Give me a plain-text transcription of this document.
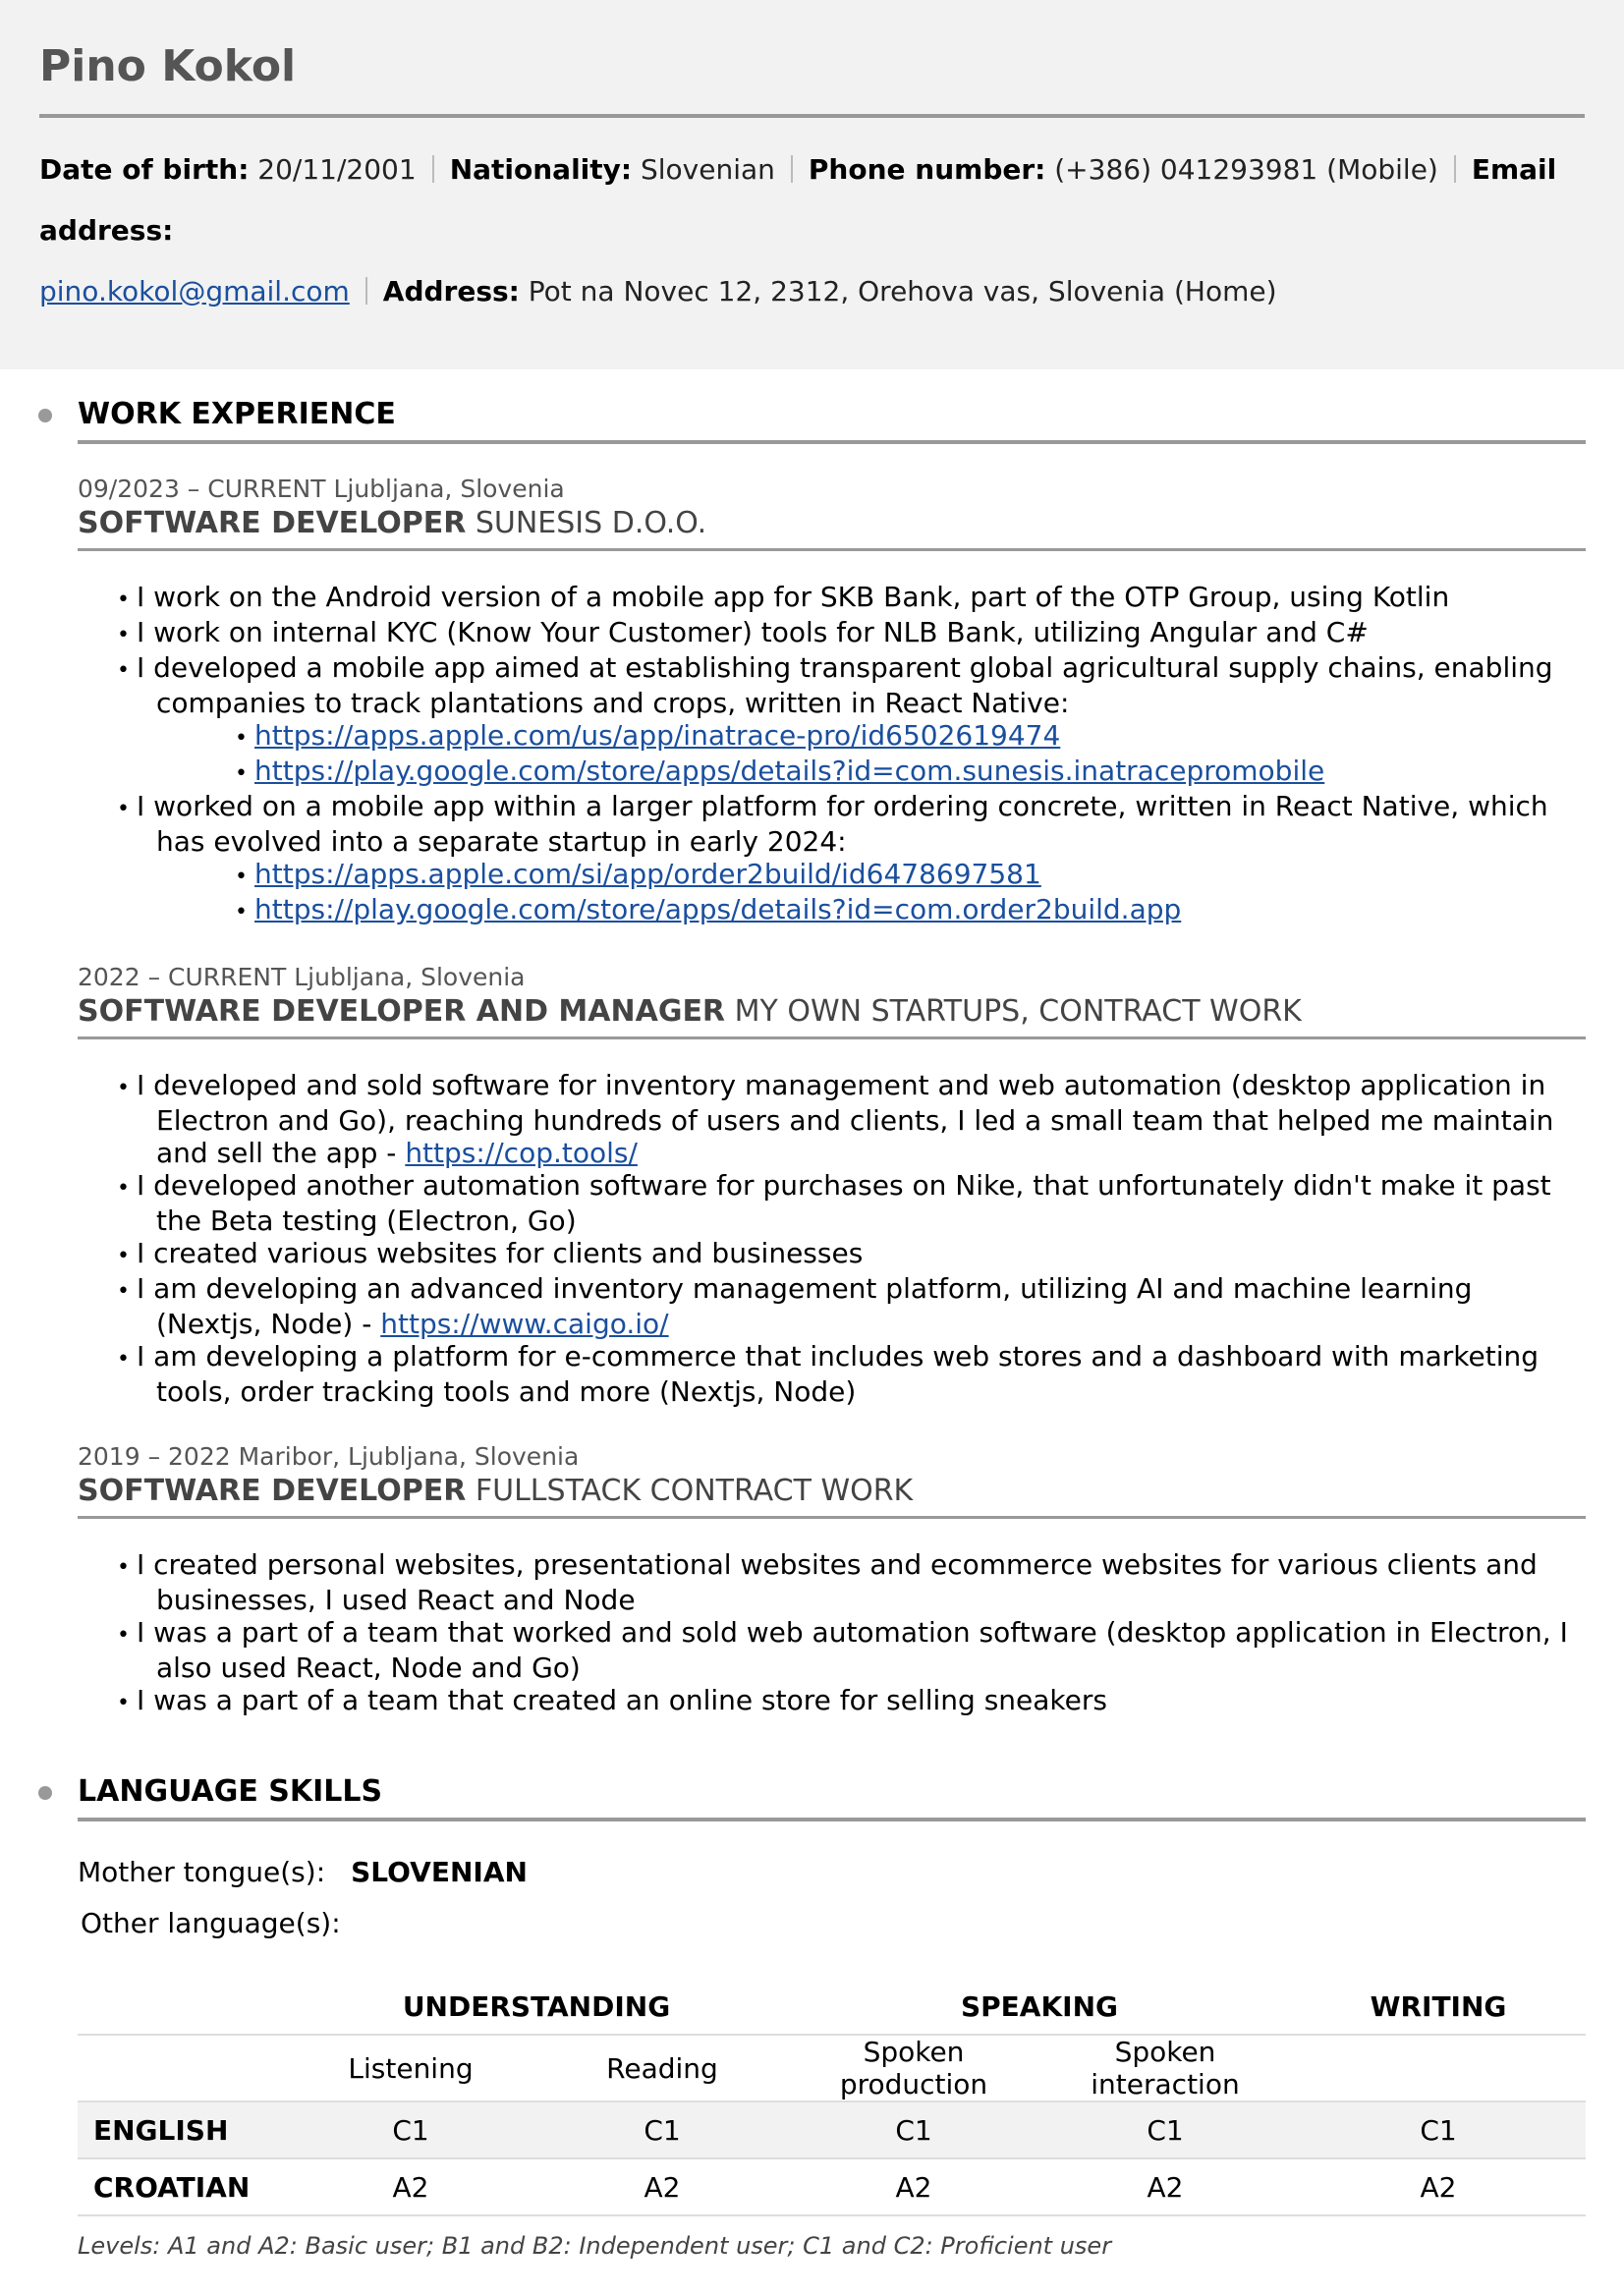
Pino Kokol
Date of birth: 20/11/2001 Nationality: Slovenian Phone number: (+386) 041293981 (Mobile) Email address:
pino.kokol@gmail.com Address: Pot na Novec 12, 2312, Orehova vas, Slovenia (Home)
WORK EXPERIENCE
09/2023 – CURRENT Ljubljana, Slovenia
SOFTWARE DEVELOPER SUNESIS D.O.O.
• I work on the Android version of a mobile app for SKB Bank, part of the OTP Group, using Kotlin
• I work on internal KYC (Know Your Customer) tools for NLB Bank, utilizing Angular and C#
• I developed a mobile app aimed at establishing transparent global agricultural supply chains, enabling companies to track plantations and crops, written in React Native:
• https://apps.apple.com/us/app/inatrace-pro/id6502619474
• https://play.google.com/store/apps/details?id=com.sunesis.inatracepromobile
• I worked on a mobile app within a larger platform for ordering concrete, written in React Native, which has evolved into a separate startup in early 2024:
• https://apps.apple.com/si/app/order2build/id6478697581
• https://play.google.com/store/apps/details?id=com.order2build.app
2022 – CURRENT Ljubljana, Slovenia
SOFTWARE DEVELOPER AND MANAGER MY OWN STARTUPS, CONTRACT WORK
• I developed and sold software for inventory management and web automation (desktop application in Electron and Go), reaching hundreds of users and clients, I led a small team that helped me maintain and sell the app - https://cop.tools/
• I developed another automation software for purchases on Nike, that unfortunately didn't make it past the Beta testing (Electron, Go)
• I created various websites for clients and businesses
• I am developing an advanced inventory management platform, utilizing AI and machine learning (Nextjs, Node) - https://www.caigo.io/
• I am developing a platform for e-commerce that includes web stores and a dashboard with marketing tools, order tracking tools and more (Nextjs, Node)
2019 – 2022 Maribor, Ljubljana, Slovenia
SOFTWARE DEVELOPER FULLSTACK CONTRACT WORK
• I created personal websites, presentational websites and ecommerce websites for various clients and businesses, I used React and Node
• I was a part of a team that worked and sold web automation software (desktop application in Electron, I also used React, Node and Go)
• I was a part of a team that created an online store for selling sneakers
LANGUAGE SKILLS
Mother tongue(s): SLOVENIAN
Other language(s):
	UNDERSTANDING		SPEAKING		WRITING
	Listening	Reading	Spoken production	Spoken interaction	
ENGLISH	C1	C1	C1	C1	C1
CROATIAN	A2	A2	A2	A2	A2
Levels: A1 and A2: Basic user; B1 and B2: Independent user; C1 and C2: Proficient user
